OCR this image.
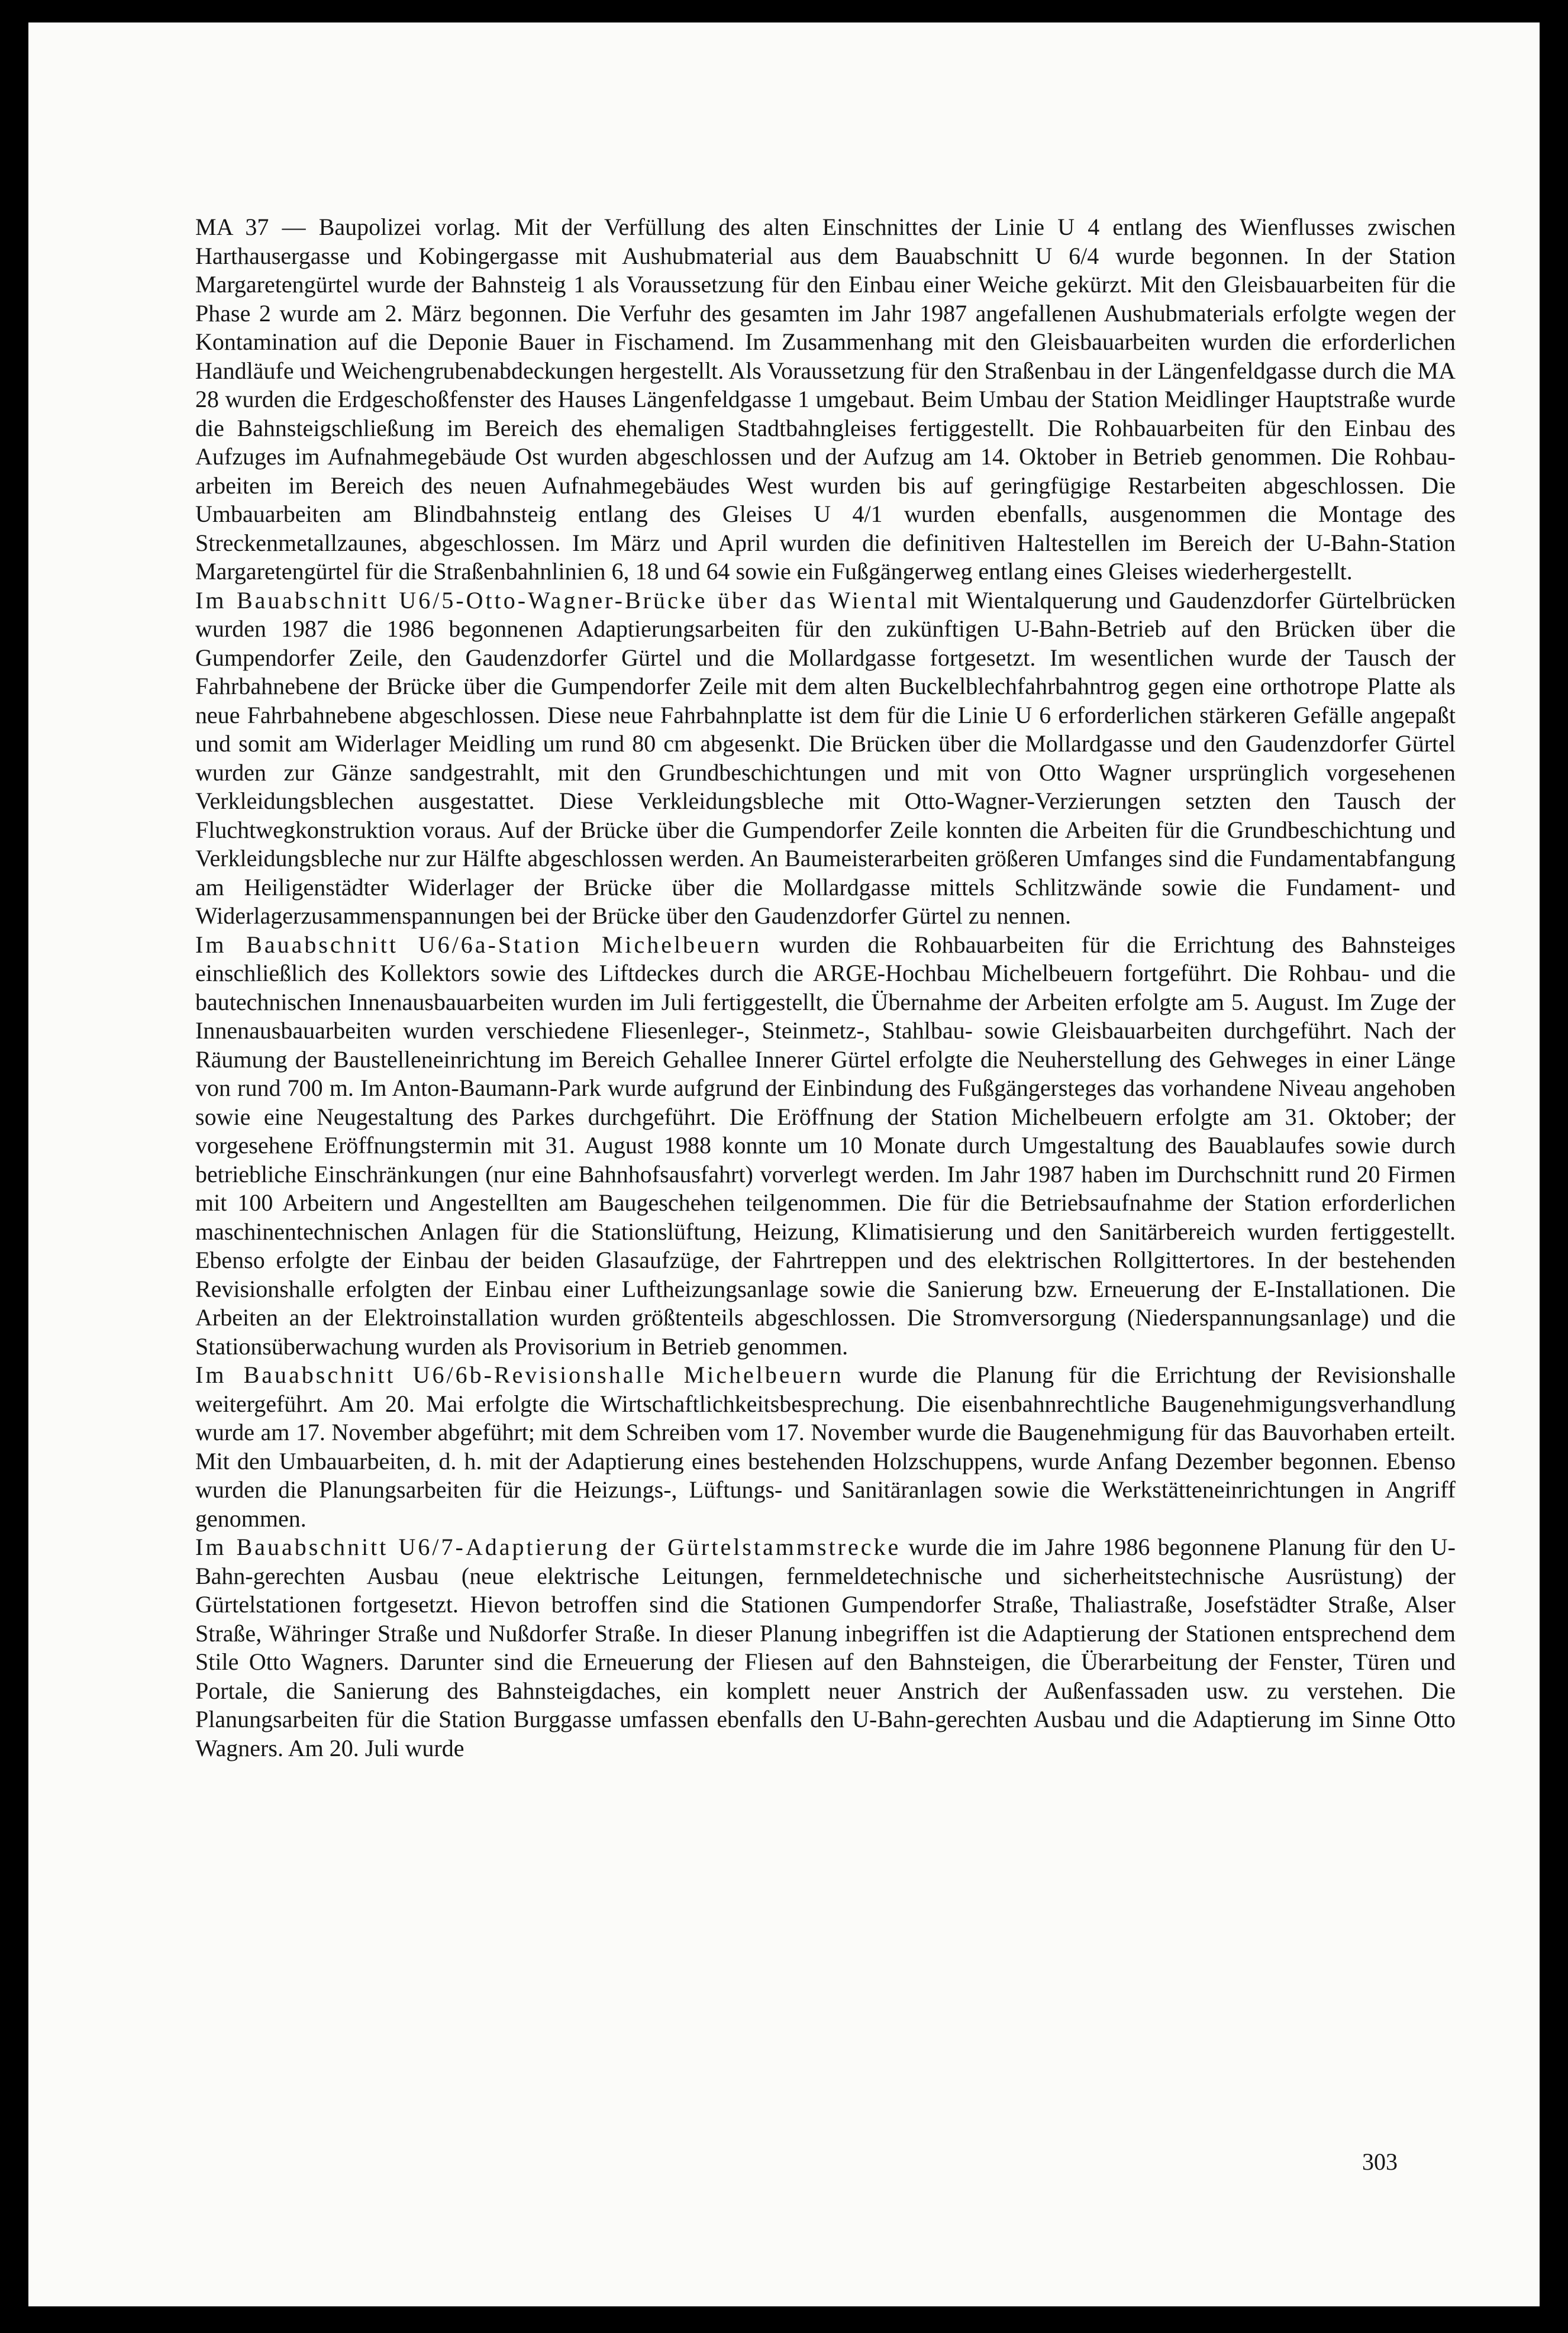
MA 37 — Baupolizei vorlag. Mit der Verfüllung des alten Einschnittes der Linie U 4 entlang des Wienflusses zwischen Harthausergasse und Kobingergasse mit Aushubmaterial aus dem Bauabschnitt U 6/4 wurde begonnen. In der Station Margaretengürtel wurde der Bahnsteig 1 als Voraussetzung für den Einbau einer Weiche gekürzt. Mit den Gleisbauarbeiten für die Phase 2 wurde am 2. März begonnen. Die Verfuhr des gesamten im Jahr 1987 angefallenen Aushubmaterials erfolgte wegen der Kontamination auf die Deponie Bauer in Fischamend. Im Zusammenhang mit den Gleisbauarbeiten wurden die erforderlichen Handläufe und Weichengrubenabdeckungen hergestellt. Als Voraussetzung für den Straßenbau in der Längenfeldgasse durch die MA 28 wurden die Erdgeschoßfenster des Hauses Längenfeldgasse 1 umgebaut. Beim Umbau der Station Meidlinger Hauptstraße wurde die Bahnsteigschließung im Bereich des ehemaligen Stadtbahngleises fertiggestellt. Die Rohbauarbeiten für den Einbau des Aufzuges im Aufnahmegebäude Ost wurden abgeschlossen und der Aufzug am 14. Oktober in Betrieb genommen. Die Rohbauarbeiten im Bereich des neuen Aufnahmegebäudes West wurden bis auf geringfügige Restarbeiten abgeschlossen. Die Umbauarbeiten am Blindbahnsteig entlang des Gleises U 4/1 wurden ebenfalls, ausgenommen die Montage des Streckenmetallzaunes, abgeschlossen. Im März und April wurden die definitiven Haltestellen im Bereich der U-Bahn-Station Margaretengürtel für die Straßenbahnlinien 6, 18 und 64 sowie ein Fußgängerweg entlang eines Gleises wiederhergestellt.

Im Bauabschnitt U6/5-Otto-Wagner-Brücke über das Wiental mit Wientalquerung und Gaudenzdorfer Gürtelbrücken wurden 1987 die 1986 begonnenen Adaptierungsarbeiten für den zukünftigen U-Bahn-Betrieb auf den Brücken über die Gumpendorfer Zeile, den Gaudenzdorfer Gürtel und die Mollardgasse fortgesetzt. Im wesentlichen wurde der Tausch der Fahrbahnebene der Brücke über die Gumpendorfer Zeile mit dem alten Buckelblechfahrbahntrog gegen eine orthotrope Platte als neue Fahrbahnebene abgeschlossen. Diese neue Fahrbahnplatte ist dem für die Linie U 6 erforderlichen stärkeren Gefälle angepaßt und somit am Widerlager Meidling um rund 80 cm abgesenkt. Die Brücken über die Mollardgasse und den Gaudenzdorfer Gürtel wurden zur Gänze sandgestrahlt, mit den Grundbeschichtungen und mit von Otto Wagner ursprünglich vorgesehenen Verkleidungsblechen ausgestattet. Diese Verkleidungsbleche mit Otto-Wagner-Verzierungen setzten den Tausch der Fluchtwegkonstruktion voraus. Auf der Brücke über die Gumpendorfer Zeile konnten die Arbeiten für die Grundbeschichtung und Verkleidungsbleche nur zur Hälfte abgeschlossen werden. An Baumeisterarbeiten größeren Umfanges sind die Fundamentabfangung am Heiligenstädter Widerlager der Brücke über die Mollardgasse mittels Schlitzwände sowie die Fundament- und Widerlagerzusammenspannungen bei der Brücke über den Gaudenzdorfer Gürtel zu nennen.

Im Bauabschnitt U6/6a-Station Michelbeuern wurden die Rohbauarbeiten für die Errichtung des Bahnsteiges einschließlich des Kollektors sowie des Liftdeckes durch die ARGE-Hochbau Michelbeuern fortgeführt. Die Rohbau- und die bautechnischen Innenausbauarbeiten wurden im Juli fertiggestellt, die Übernahme der Arbeiten erfolgte am 5. August. Im Zuge der Innenausbauarbeiten wurden verschiedene Fliesenleger-, Steinmetz-, Stahlbau- sowie Gleisbauarbeiten durchgeführt. Nach der Räumung der Baustelleneinrichtung im Bereich Gehallee Innerer Gürtel erfolgte die Neuherstellung des Gehweges in einer Länge von rund 700 m. Im Anton-Baumann-Park wurde aufgrund der Einbindung des Fußgängersteges das vorhandene Niveau angehoben sowie eine Neugestaltung des Parkes durchgeführt. Die Eröffnung der Station Michelbeuern erfolgte am 31. Oktober; der vorgesehene Eröffnungstermin mit 31. August 1988 konnte um 10 Monate durch Umgestaltung des Bauablaufes sowie durch betriebliche Einschränkungen (nur eine Bahnhofsausfahrt) vorverlegt werden. Im Jahr 1987 haben im Durchschnitt rund 20 Firmen mit 100 Arbeitern und Angestellten am Baugeschehen teilgenommen. Die für die Betriebsaufnahme der Station erforderlichen maschinentechnischen Anlagen für die Stationslüftung, Heizung, Klimatisierung und den Sanitärbereich wurden fertiggestellt. Ebenso erfolgte der Einbau der beiden Glasaufzüge, der Fahrtreppen und des elektrischen Rollgittertores. In der bestehenden Revisionshalle erfolgten der Einbau einer Luftheizungsanlage sowie die Sanierung bzw. Erneuerung der E-Installationen. Die Arbeiten an der Elektroinstallation wurden größtenteils abgeschlossen. Die Stromversorgung (Niederspannungsanlage) und die Stationsüberwachung wurden als Provisorium in Betrieb genommen.

Im Bauabschnitt U6/6b-Revisionshalle Michelbeuern wurde die Planung für die Errichtung der Revisionshalle weitergeführt. Am 20. Mai erfolgte die Wirtschaftlichkeitsbesprechung. Die eisenbahnrechtliche Baugenehmigungsverhandlung wurde am 17. November abgeführt; mit dem Schreiben vom 17. November wurde die Baugenehmigung für das Bauvorhaben erteilt. Mit den Umbauarbeiten, d. h. mit der Adaptierung eines bestehenden Holzschuppens, wurde Anfang Dezember begonnen. Ebenso wurden die Planungsarbeiten für die Heizungs-, Lüftungs- und Sanitäranlagen sowie die Werkstätteneinrichtungen in Angriff genommen.

Im Bauabschnitt U6/7-Adaptierung der Gürtelstammstrecke wurde die im Jahre 1986 begonnene Planung für den U-Bahn-gerechten Ausbau (neue elektrische Leitungen, fernmeldetechnische und sicherheitstechnische Ausrüstung) der Gürtelstationen fortgesetzt. Hievon betroffen sind die Stationen Gumpendorfer Straße, Thaliastraße, Josefstädter Straße, Alser Straße, Währinger Straße und Nußdorfer Straße. In dieser Planung inbegriffen ist die Adaptierung der Stationen entsprechend dem Stile Otto Wagners. Darunter sind die Erneuerung der Fliesen auf den Bahnsteigen, die Überarbeitung der Fenster, Türen und Portale, die Sanierung des Bahnsteigdaches, ein komplett neuer Anstrich der Außenfassaden usw. zu verstehen. Die Planungsarbeiten für die Station Burggasse umfassen ebenfalls den U-Bahn-gerechten Ausbau und die Adaptierung im Sinne Otto Wagners. Am 20. Juli wurde

303
